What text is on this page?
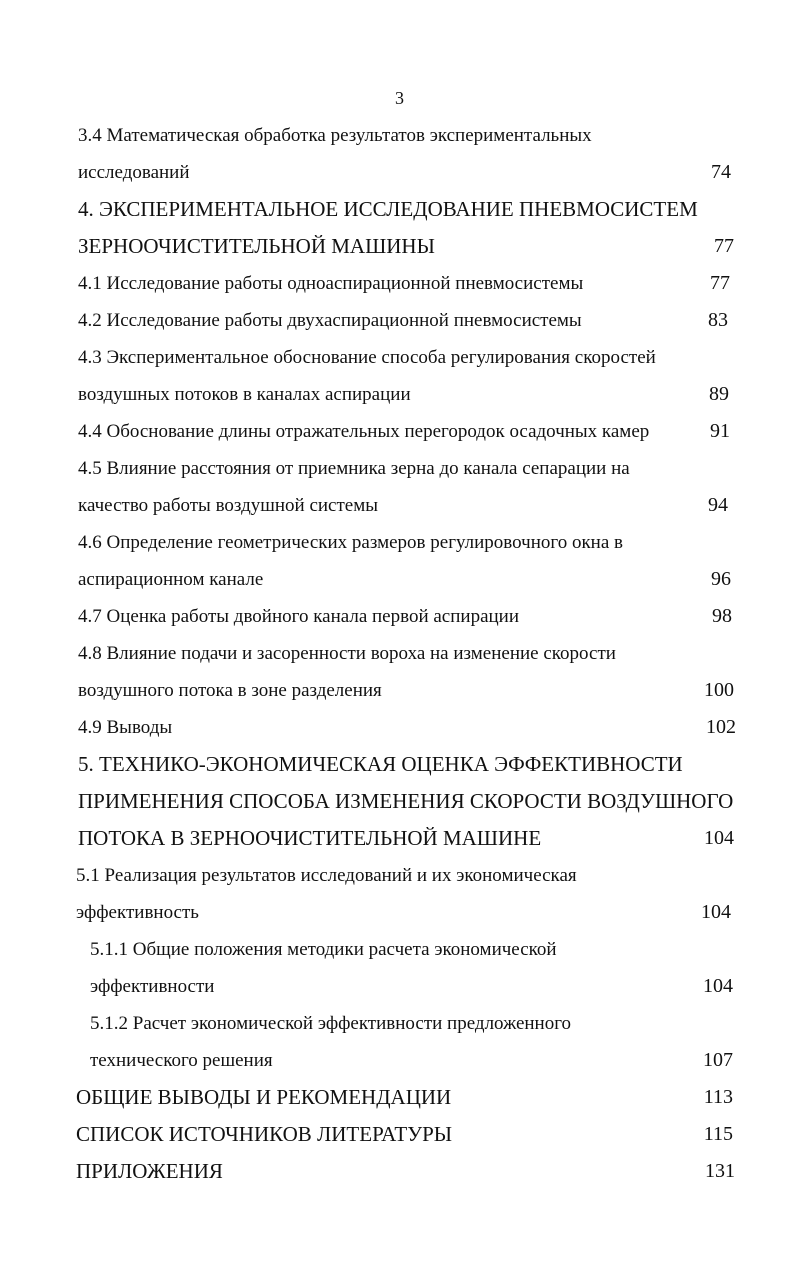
3
3.4 Математическая обработка результатов экспериментальных
исследований	74
4. ЭКСПЕРИМЕНТАЛЬНОЕ ИССЛЕДОВАНИЕ ПНЕВМОСИСТЕМ
ЗЕРНООЧИСТИТЕЛЬНОЙ МАШИНЫ	77
4.1 Исследование работы одноаспирационной пневмосистемы	77
4.2 Исследование работы двухаспирационной пневмосистемы	83
4.3 Экспериментальное обоснование способа регулирования скоростей
воздушных потоков в каналах аспирации	89
4.4 Обоснование длины отражательных перегородок осадочных камер	91
4.5 Влияние расстояния от приемника зерна до канала сепарации на
качество работы воздушной системы	94
4.6 Определение геометрических размеров регулировочного окна в
аспирационном канале	96
4.7 Оценка работы двойного канала первой аспирации	98
4.8 Влияние подачи и засоренности вороха на изменение скорости
воздушного потока в зоне разделения	100
4.9 Выводы	102
5. ТЕХНИКО-ЭКОНОМИЧЕСКАЯ ОЦЕНКА ЭФФЕКТИВНОСТИ
ПРИМЕНЕНИЯ СПОСОБА ИЗМЕНЕНИЯ СКОРОСТИ ВОЗДУШНОГО
ПОТОКА В ЗЕРНООЧИСТИТЕЛЬНОЙ МАШИНЕ	104
5.1 Реализация результатов исследований и их экономическая
эффективность	104
5.1.1 Общие положения методики расчета экономической
эффективности	104
5.1.2 Расчет экономической эффективности предложенного
технического решения	107
ОБЩИЕ ВЫВОДЫ И РЕКОМЕНДАЦИИ	113
СПИСОК ИСТОЧНИКОВ ЛИТЕРАТУРЫ	115
ПРИЛОЖЕНИЯ	131
